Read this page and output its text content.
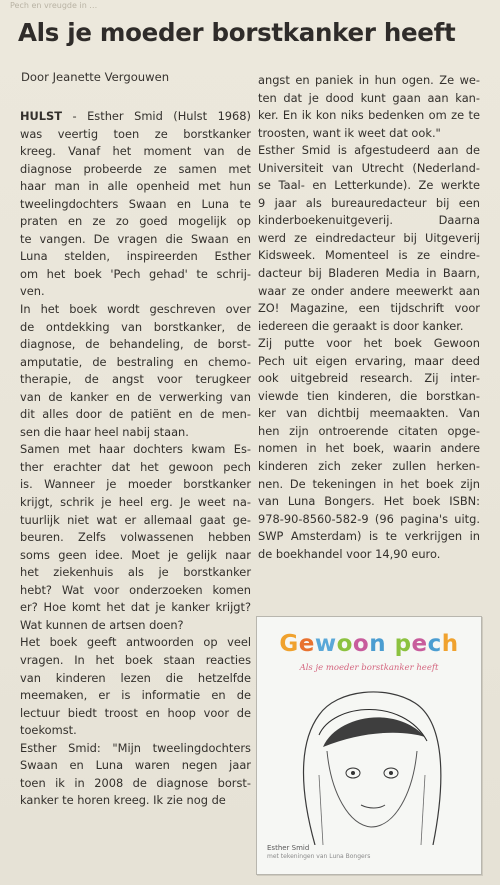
Pech en vreugde in …
Als je moeder borstkanker heeft
Door Jeanette Vergouwen
HULST - Esther Smid (Hulst 1968)
was veertig toen ze borstkanker
kreeg. Vanaf het moment van de
diagnose probeerde ze samen met
haar man in alle openheid met hun
tweelingdochters Swaan en Luna te
praten en ze zo goed mogelijk op
te vangen. De vragen die Swaan en
Luna stelden, inspireerden Esther
om het boek 'Pech gehad' te schrij-
ven.
In het boek wordt geschreven over
de ontdekking van borstkanker, de
diagnose, de behandeling, de borst-
amputatie, de bestraling en chemo-
therapie, de angst voor terugkeer
van de kanker en de verwerking van
dit alles door de patiënt en de men-
sen die haar heel nabij staan.
Samen met haar dochters kwam Es-
ther erachter dat het gewoon pech
is. Wanneer je moeder borstkanker
krijgt, schrik je heel erg. Je weet na-
tuurlijk niet wat er allemaal gaat ge-
beuren. Zelfs volwassenen hebben
soms geen idee. Moet je gelijk naar
het ziekenhuis als je borstkanker
hebt? Wat voor onderzoeken komen
er? Hoe komt het dat je kanker krijgt?
Wat kunnen de artsen doen?
Het boek geeft antwoorden op veel
vragen. In het boek staan reacties
van kinderen lezen die hetzelfde
meemaken, er is informatie en de
lectuur biedt troost en hoop voor de
toekomst.
Esther Smid: "Mijn tweelingdochters
Swaan en Luna waren negen jaar
toen ik in 2008 de diagnose borst-
kanker te horen kreeg. Ik zie nog de
angst en paniek in hun ogen. Ze we-
ten dat je dood kunt gaan aan kan-
ker. En ik kon niks bedenken om ze te
troosten, want ik weet dat ook."
Esther Smid is afgestudeerd aan de
Universiteit van Utrecht (Nederland-
se Taal- en Letterkunde). Ze werkte
9 jaar als bureauredacteur bij een
kinderboekenuitgeverij. Daarna
werd ze eindredacteur bij Uitgeverij
Kidsweek. Momenteel is ze eindre-
dacteur bij Bladeren Media in Baarn,
waar ze onder andere meewerkt aan
ZO! Magazine, een tijdschrift voor
iedereen die geraakt is door kanker.
Zij putte voor het boek Gewoon
Pech uit eigen ervaring, maar deed
ook uitgebreid research. Zij inter-
viewde tien kinderen, die borstkan-
ker van dichtbij meemaakten. Van
hen zijn ontroerende citaten opge-
nomen in het boek, waarin andere
kinderen zich zeker zullen herken-
nen. De tekeningen in het boek zijn
van Luna Bongers. Het boek ISBN:
978-90-8560-582-9 (96 pagina's uitg.
SWP Amsterdam) is te verkrijgen in
de boekhandel voor 14,90 euro.
Gewoon pech
Als je moeder borstkanker heeft
Esther Smid
met tekeningen van Luna Bongers
